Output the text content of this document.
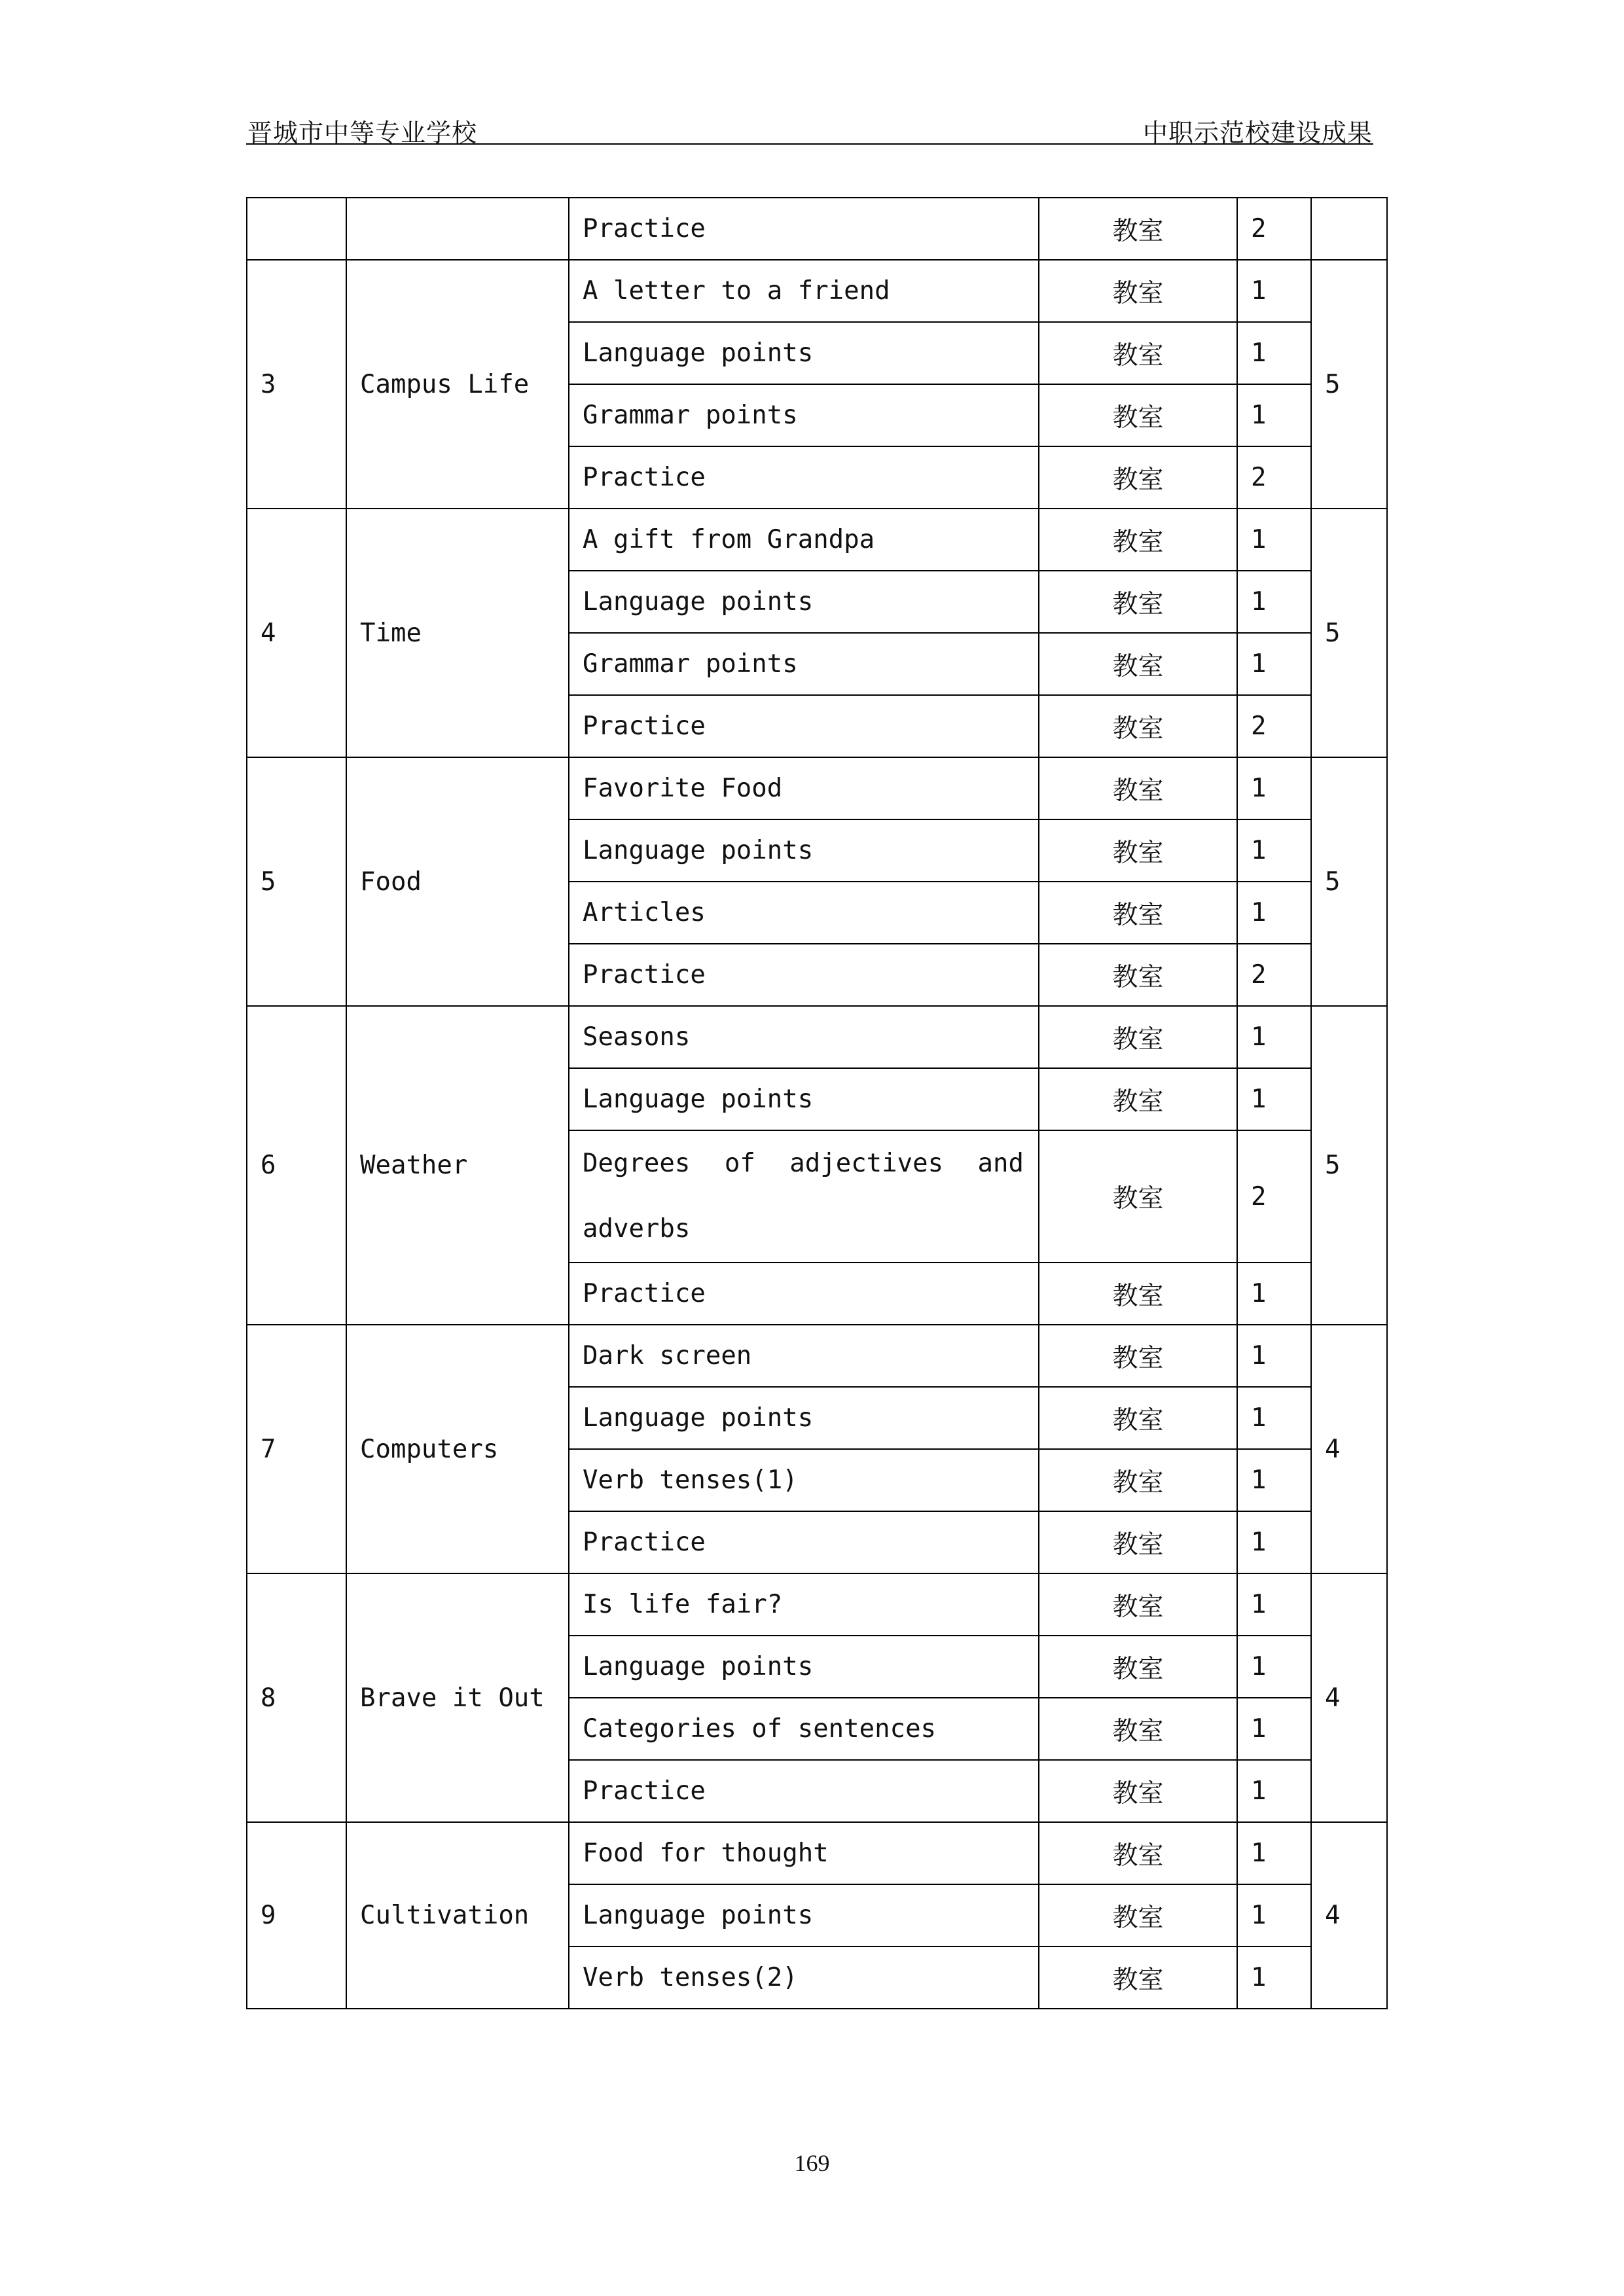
晋城市中等专业学校	中职示范校建设成果
		Practice	教室	2	
3	Campus Life	A letter to a friend	教室	1	5
		Language points	教室	1	
		Grammar points	教室	1	
		Practice	教室	2	
4	Time	A gift from Grandpa	教室	1	5
		Language points	教室	1	
		Grammar points	教室	1	
		Practice	教室	2	
5	Food	Favorite Food	教室	1	5
		Language points	教室	1	
		Articles	教室	1	
		Practice	教室	2	
6	Weather	Seasons	教室	1	5
		Language points	教室	1	
		Degrees of adjectives and adverbs	教室	2	
		Practice	教室	1	
7	Computers	Dark screen	教室	1	4
		Language points	教室	1	
		Verb tenses(1)	教室	1	
		Practice	教室	1	
8	Brave it Out	Is life fair?	教室	1	4
		Language points	教室	1	
		Categories of sentences	教室	1	
		Practice	教室	1	
9	Cultivation	Food for thought	教室	1	4
		Language points	教室	1	
		Verb tenses(2)	教室	1	
169
